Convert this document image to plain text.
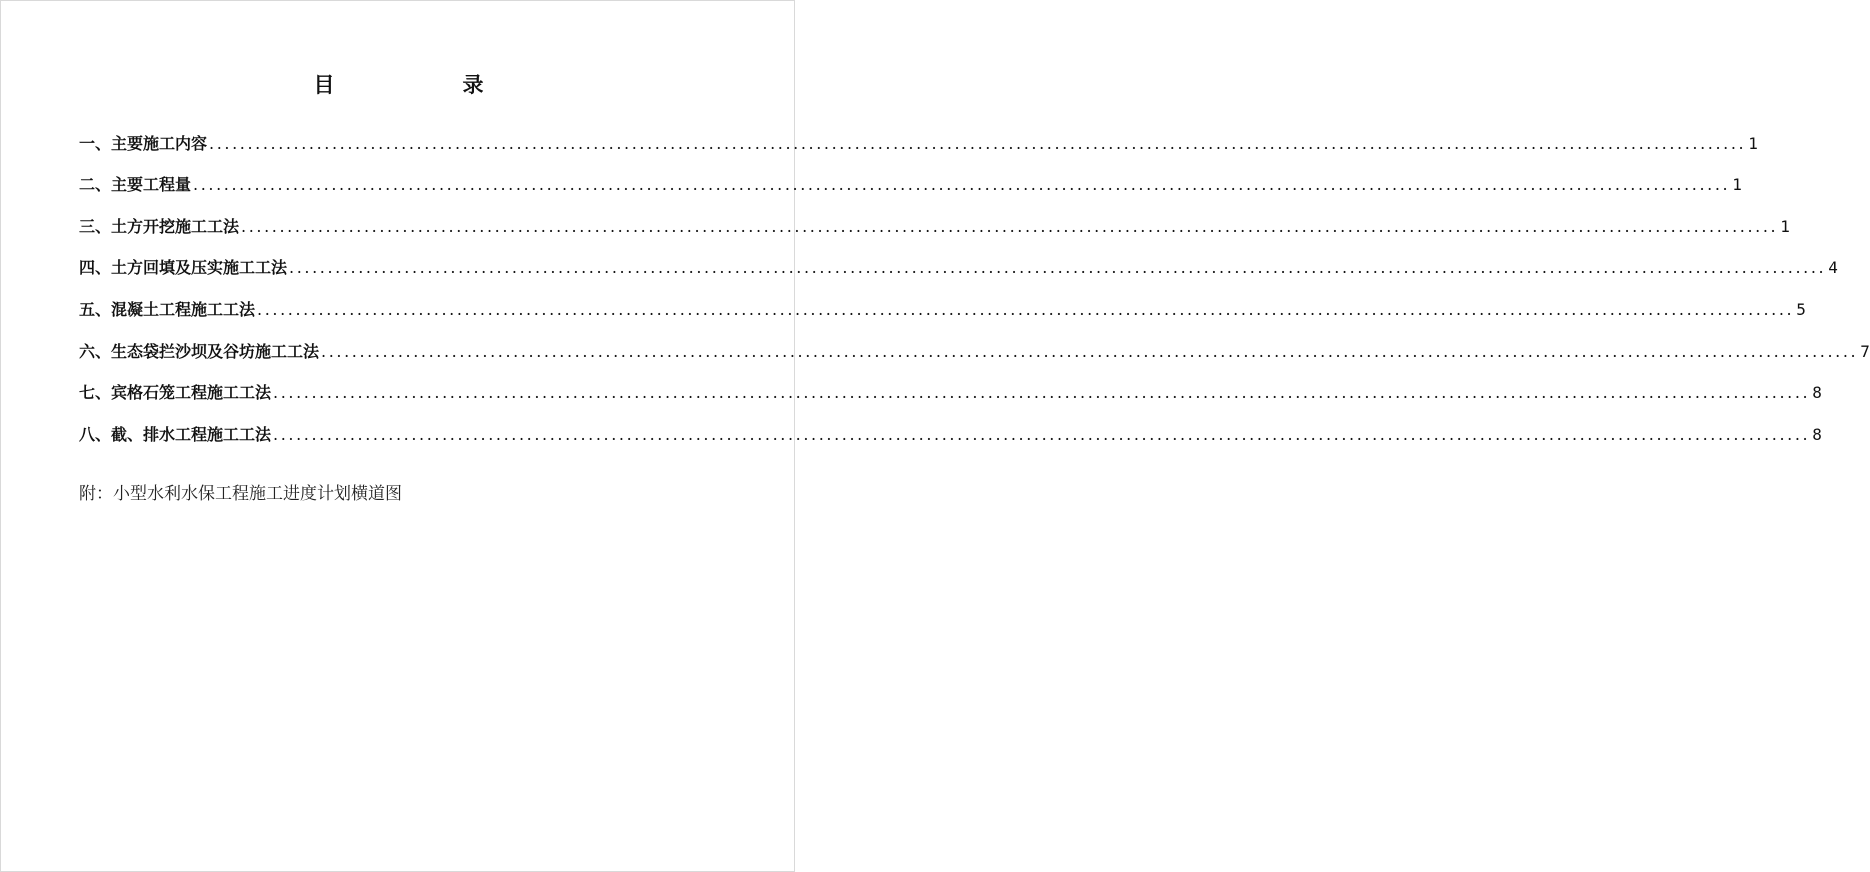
目	录
一、主要施工内容 ........................................................................................................................................................................................................ 1
二、主要工程量 ........................................................................................................................................................................................................ 1
三、土方开挖施工工法 ........................................................................................................................................................................................................ 1
四、土方回填及压实施工工法 ........................................................................................................................................................................................................ 4
五、混凝土工程施工工法 ........................................................................................................................................................................................................ 5
六、生态袋拦沙坝及谷坊施工工法 ........................................................................................................................................................................................................ 7
七、宾格石笼工程施工工法 ........................................................................................................................................................................................................ 8
八、截、排水工程施工工法 ........................................................................................................................................................................................................ 8
附：小型水利水保工程施工进度计划横道图
